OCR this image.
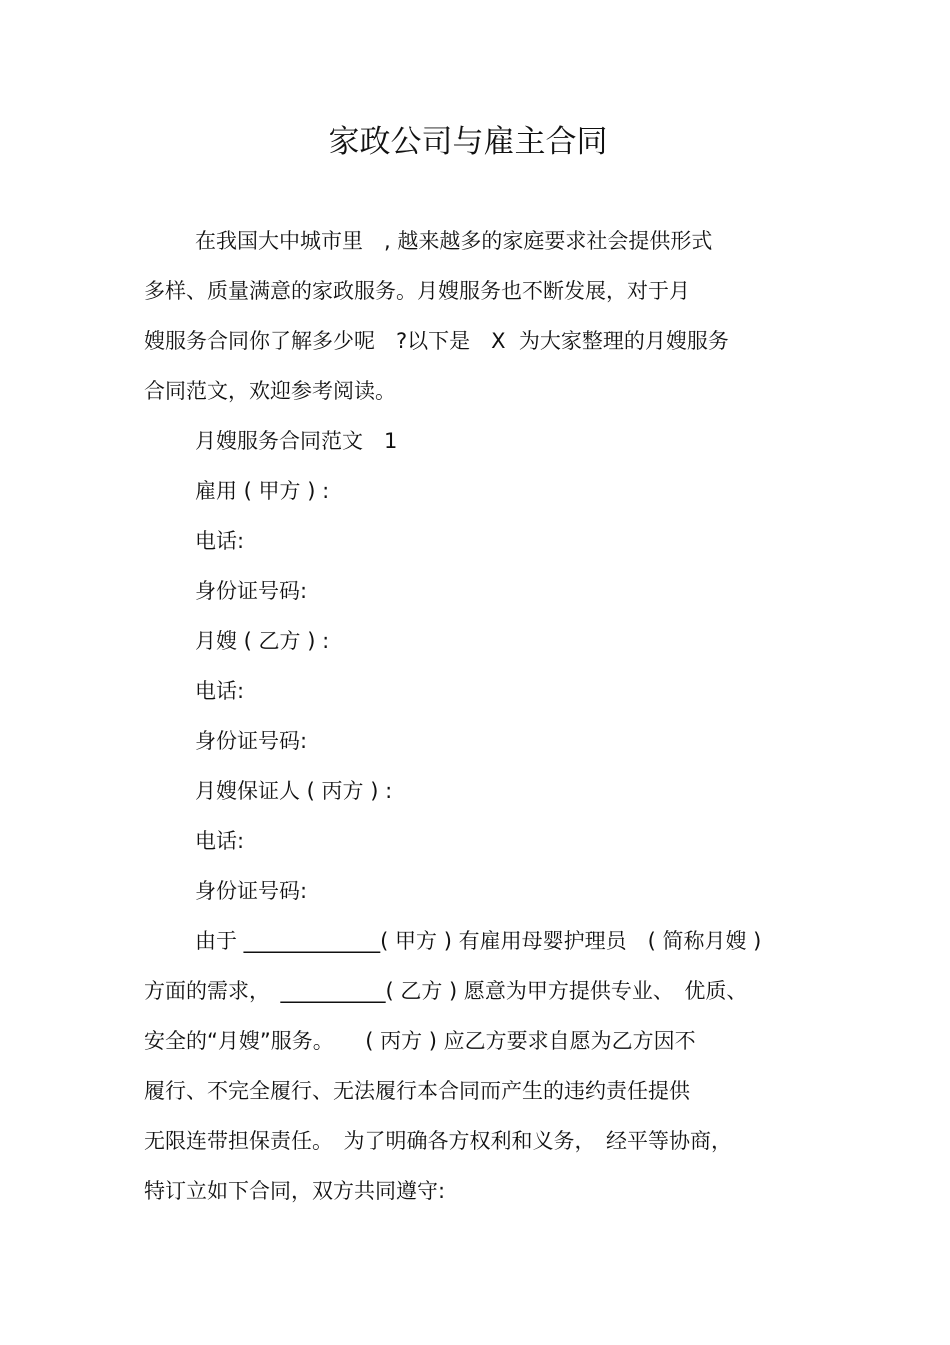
家政公司与雇主合同
在我国大中城市里　, 越来越多的家庭要求社会提供形式
多样、质量满意的家政服务。月嫂服务也不断发展，对于月
嫂服务合同你了解多少呢　?以下是　X  为大家整理的月嫂服务
合同范文，欢迎参考阅读。
月嫂服务合同范文　1
雇用 ( 甲方 ) :
电话:
身份证号码:
月嫂 ( 乙方 ) :
电话:
身份证号码:
月嫂保证人 ( 丙方 ) :
电话:
身份证号码:
由于 _____________( 甲方 ) 有雇用母婴护理员　( 简称月嫂 )
方面的需求，　__________( 乙方 ) 愿意为甲方提供专业、　优质、
安全的“月嫂”服务。　　( 丙方 ) 应乙方要求自愿为乙方因不
履行、不完全履行、无法履行本合同而产生的违约责任提供
无限连带担保责任。　为了明确各方权利和义务，　经平等协商，
特订立如下合同，双方共同遵守:
